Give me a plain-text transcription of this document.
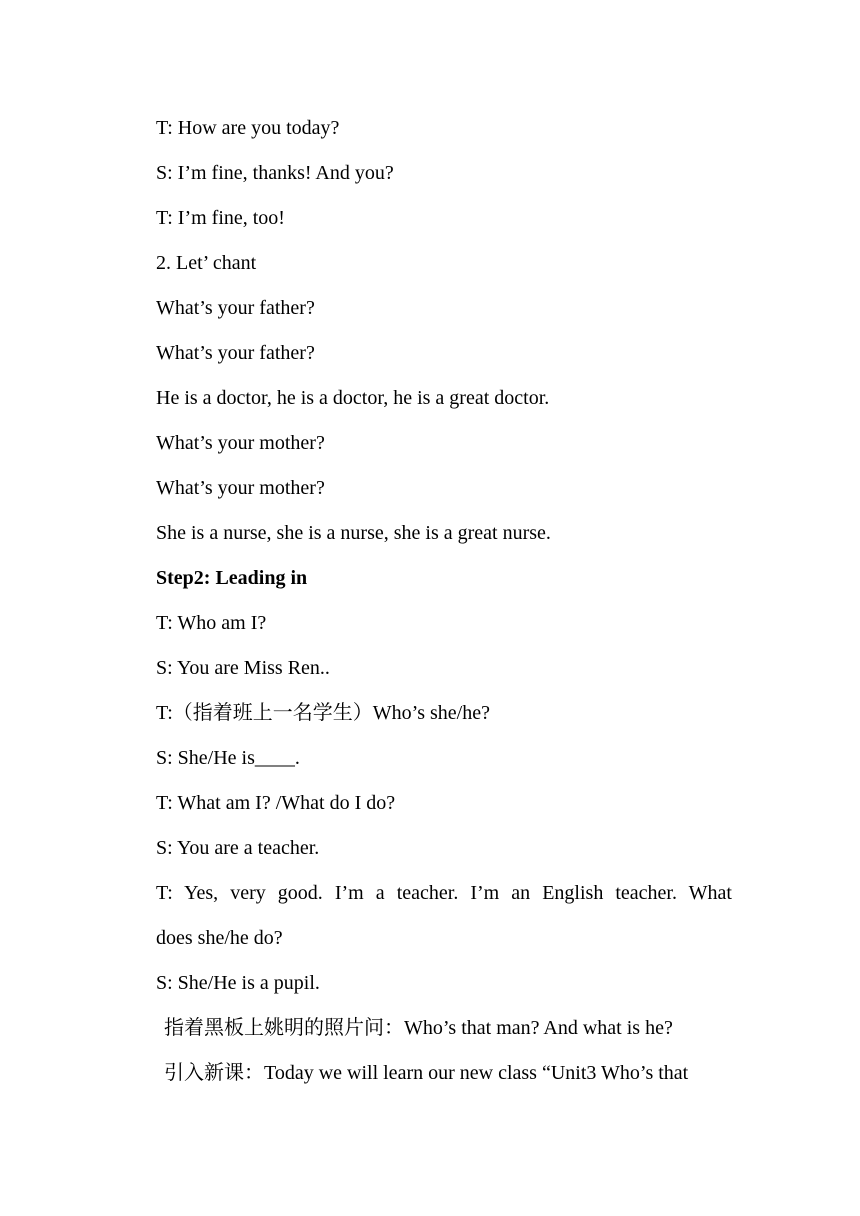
T: How are you today?
S: I’m fine, thanks! And you?
T: I’m fine, too!
2. Let’ chant
What’s your father?
What’s your father?
He is a doctor, he is a doctor, he is a great doctor.
What’s your mother?
What’s your mother?
She is a nurse, she is a nurse, she is a great nurse.
Step2: Leading in
T: Who am I?
S: You are Miss Ren..
T:（指着班上一名学生）Who’s she/he?
S: She/He is____.
T: What am I? /What do I do?
S: You are a teacher.
T: Yes, very good. I’m a teacher. I’m an English teacher. What
does she/he do?
S: She/He is a pupil.
指着黑板上姚明的照片问：Who’s that man? And what is he?
引入新课：Today we will learn our new class “Unit3 Who’s that
